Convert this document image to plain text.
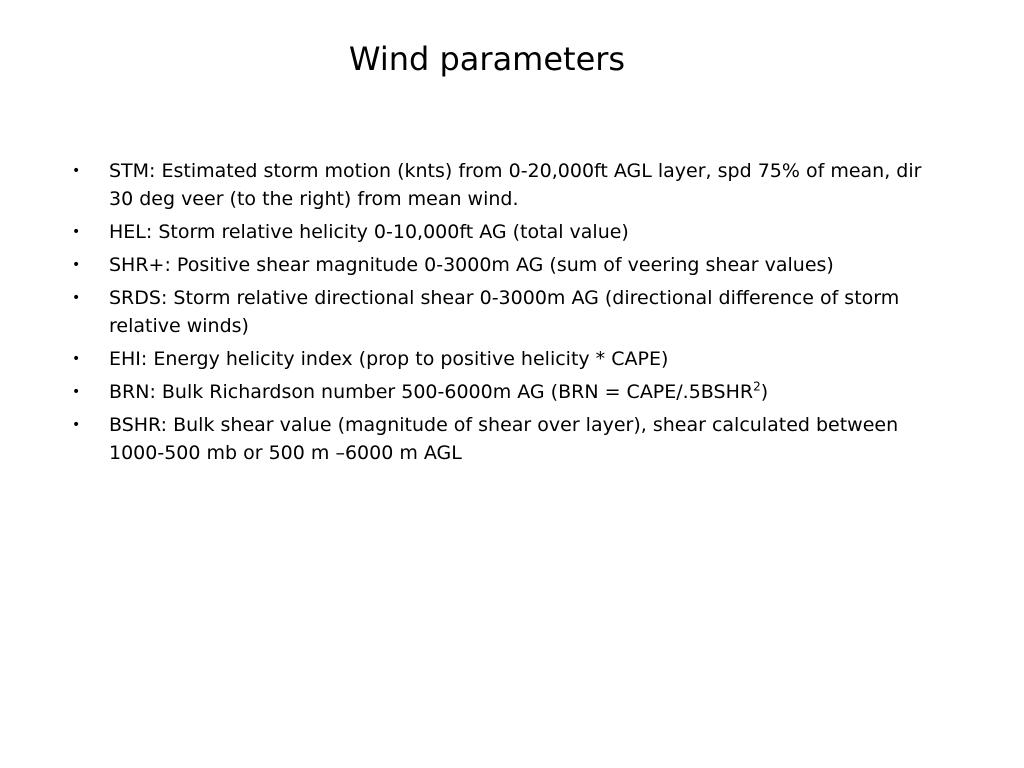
Wind parameters
• STM: Estimated storm motion (knts) from 0-20,000ft AGL layer, spd 75% of mean, dir 30 deg veer (to the right) from mean wind.
• HEL: Storm relative helicity 0-10,000ft AG (total value)
• SHR+: Positive shear magnitude 0-3000m AG (sum of veering shear values)
• SRDS: Storm relative directional shear 0-3000m AG (directional difference of storm relative winds)
• EHI: Energy helicity index (prop to positive helicity * CAPE)
• BRN: Bulk Richardson number 500-6000m AG (BRN = CAPE/$.5BSHR^2$)
• BSHR: Bulk shear value (magnitude of shear over layer), shear calculated between 1000-500 mb or 500 m –6000 m AGL
